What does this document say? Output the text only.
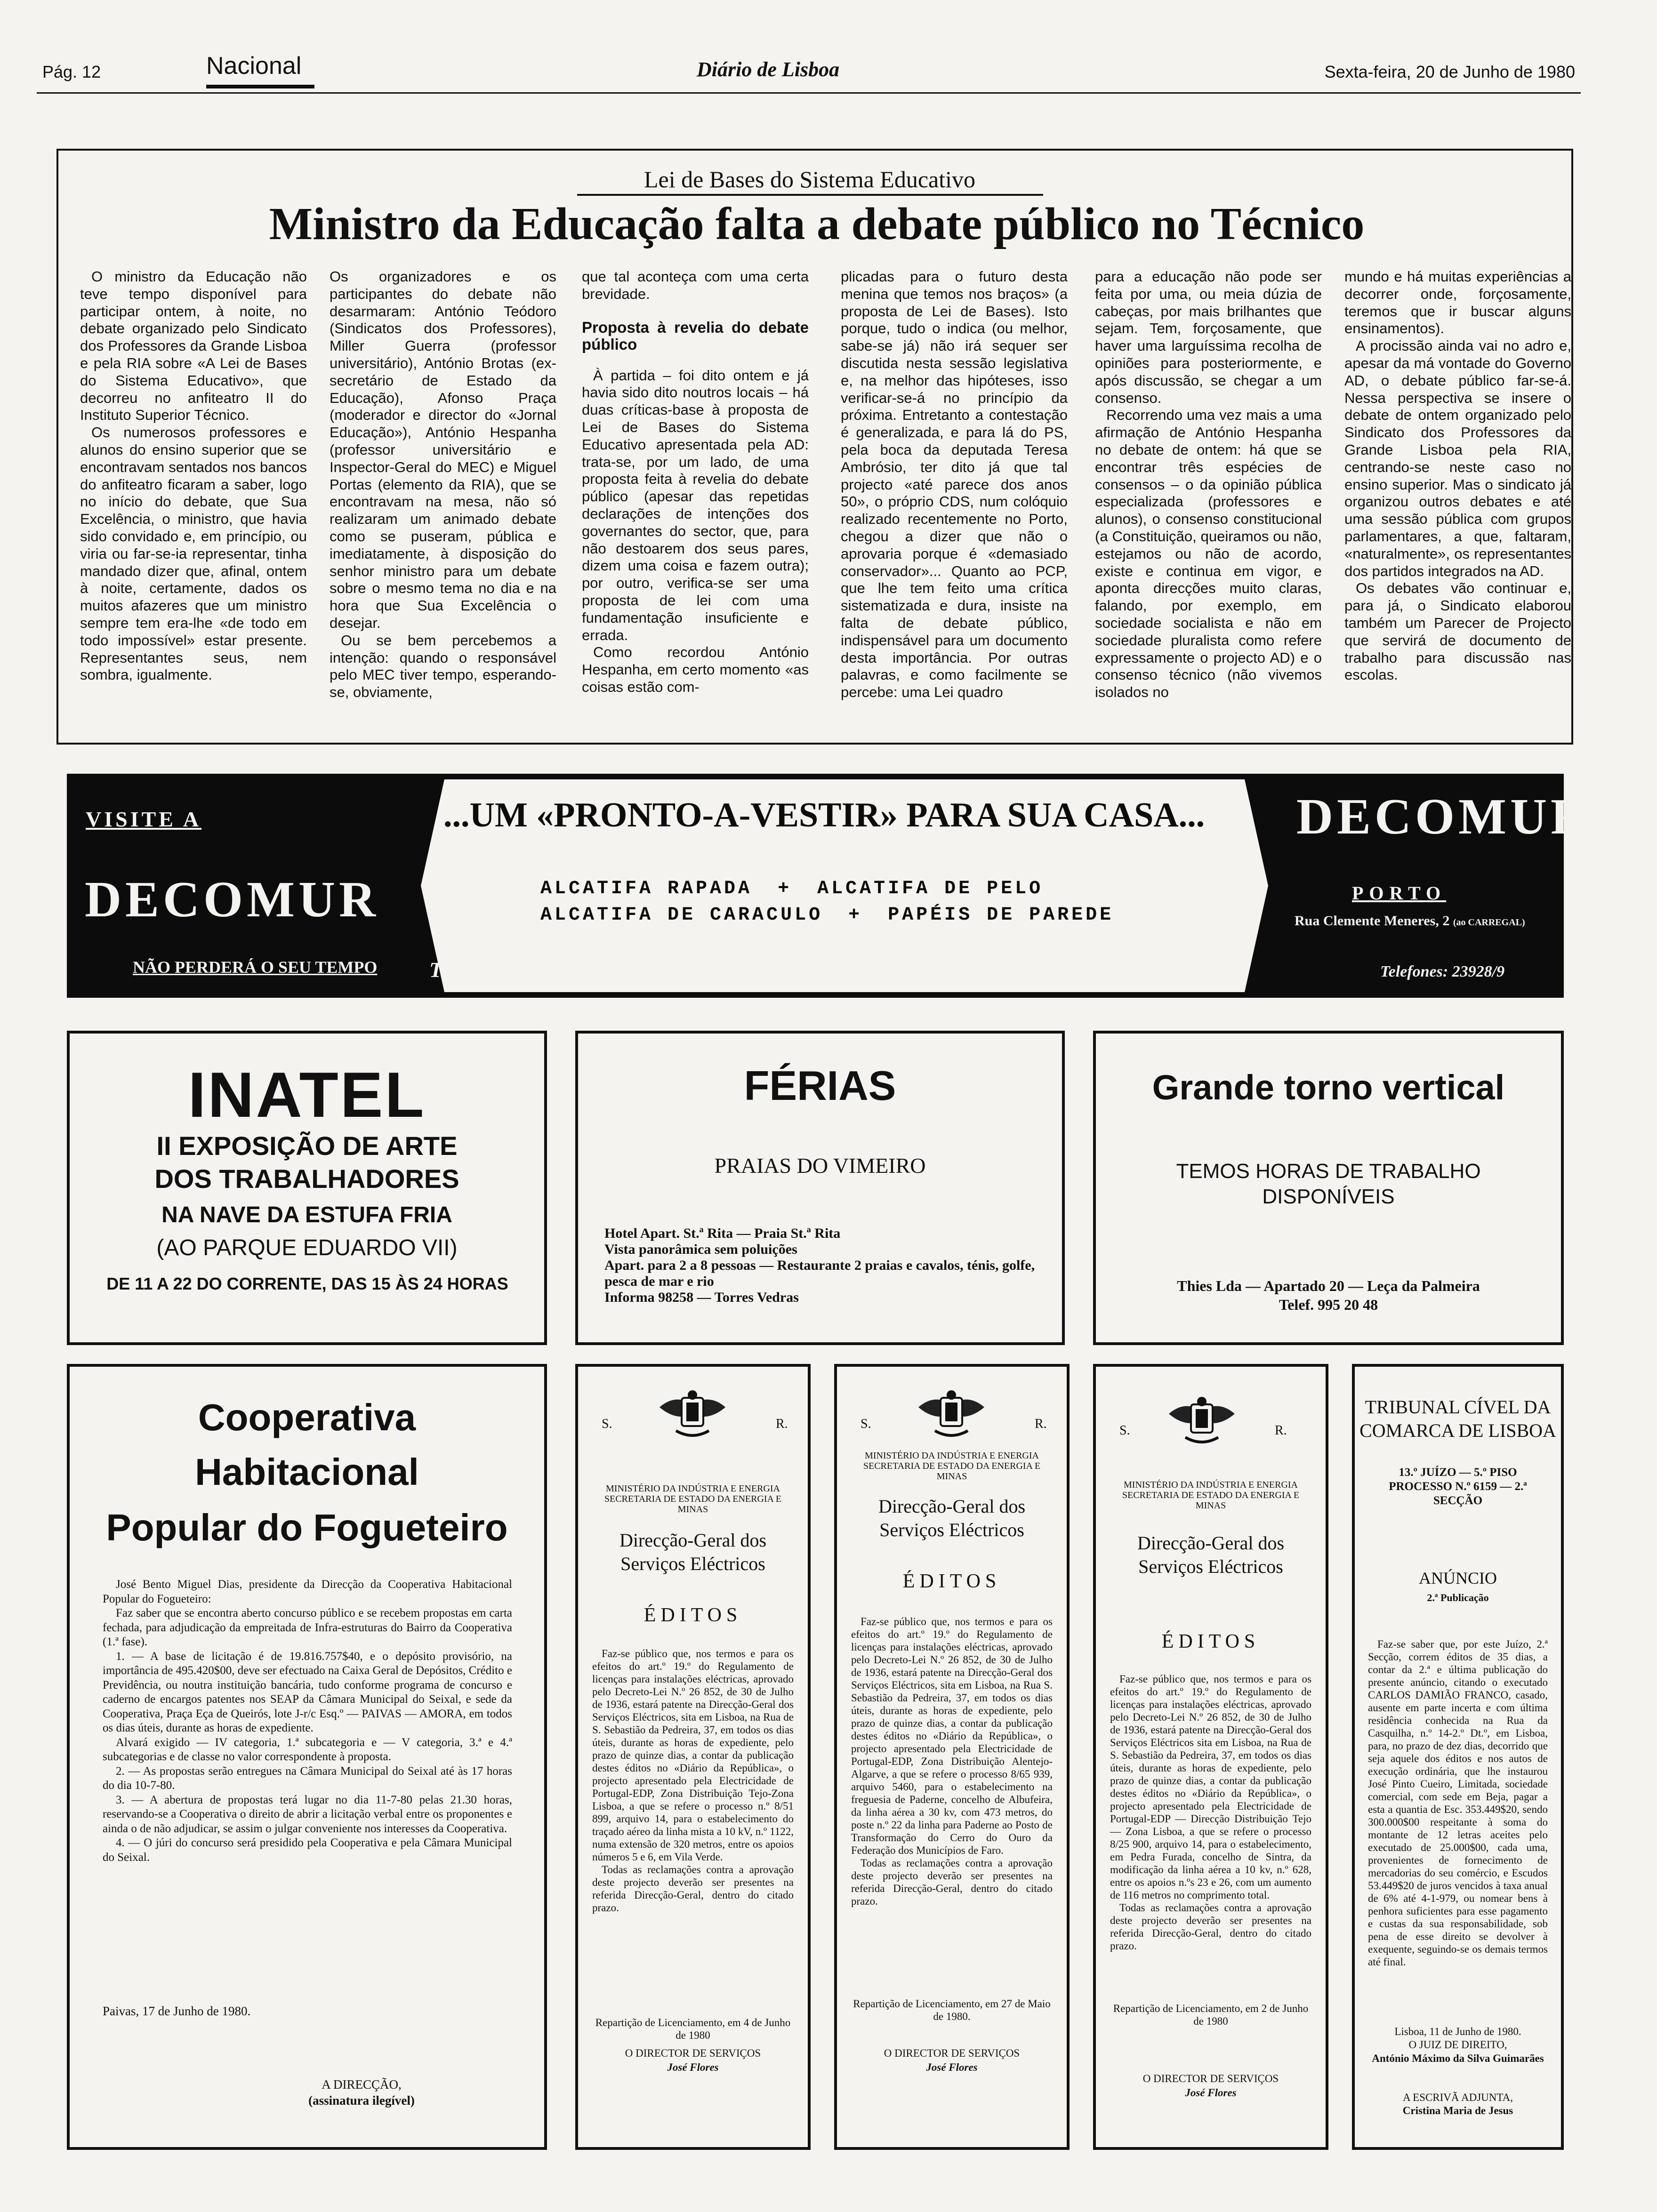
Pág. 12	Nacional	Diário de Lisboa	Sexta-feira, 20 de Junho de 1980
Lei de Bases do Sistema Educativo
Ministro da Educação falta a debate público no Técnico

O ministro da Educação não teve tempo disponível para participar ontem, à noite, no debate organizado pelo Sindicato dos Professores da Grande Lisboa e pela RIA sobre «A Lei de Bases do Sistema Educativo», que decorreu no anfiteatro II do Instituto Superior Técnico.

Os numerosos professores e alunos do ensino superior que se encontravam sentados nos bancos do anfiteatro ficaram a saber, logo no início do debate, que Sua Excelência, o ministro, que havia sido convidado e, em princípio, ou viria ou far-se-ia representar, tinha mandado dizer que, afinal, ontem à noite, certamente, dados os muitos afazeres que um ministro sempre tem era-lhe «de todo em todo impossível» estar presente. Representantes seus, nem sombra, igualmente.

Os organizadores e os participantes do debate não desarmaram: António Teódoro (Sindicatos dos Professores), Miller Guerra (professor universitário), António Brotas (ex-secretário de Estado da Educação), Afonso Praça (moderador e director do «Jornal Educação»), António Hespanha (professor universitário e Inspector-Geral do MEC) e Miguel Portas (elemento da RIA), que se encontravam na mesa, não só realizaram um animado debate como se puseram, pública e imediatamente, à disposição do senhor ministro para um debate sobre o mesmo tema no dia e na hora que Sua Excelência o desejar.

Ou se bem percebemos a intenção: quando o responsável pelo MEC tiver tempo, esperando-se, obviamente,

que tal aconteça com uma certa brevidade.

Proposta à revelia do debate público

À partida – foi dito ontem e já havia sido dito noutros locais – há duas críticas-base à proposta de Lei de Bases do Sistema Educativo apresentada pela AD: trata-se, por um lado, de uma proposta feita à revelia do debate público (apesar das repetidas declarações de intenções dos governantes do sector, que, para não destoarem dos seus pares, dizem uma coisa e fazem outra); por outro, verifica-se ser uma proposta de lei com uma fundamentação insuficiente e errada.

Como recordou António Hespanha, em certo momento «as coisas estão com-

plicadas para o futuro desta menina que temos nos braços» (a proposta de Lei de Bases). Isto porque, tudo o indica (ou melhor, sabe-se já) não irá sequer ser discutida nesta sessão legislativa e, na melhor das hipóteses, isso verificar-se-á no princípio da próxima. Entretanto a contestação é generalizada, e para lá do PS, pela boca da deputada Teresa Ambrósio, ter dito já que tal projecto «até parece dos anos 50», o próprio CDS, num colóquio realizado recentemente no Porto, chegou a dizer que não o aprovaria porque é «demasiado conservador»... Quanto ao PCP, que lhe tem feito uma crítica sistematizada e dura, insiste na falta de debate público, indispensável para um documento desta importância. Por outras palavras, e como facilmente se percebe: uma Lei quadro

para a educação não pode ser feita por uma, ou meia dúzia de cabeças, por mais brilhantes que sejam. Tem, forçosamente, que haver uma larguíssima recolha de opiniões para posteriormente, e após discussão, se chegar a um consenso.

Recorrendo uma vez mais a uma afirmação de António Hespanha no debate de ontem: há que se encontrar três espécies de consensos – o da opinião pública especializada (professores e alunos), o consenso constitucional (a Constituição, queiramos ou não, estejamos ou não de acordo, existe e continua em vigor, e aponta direcções muito claras, falando, por exemplo, em sociedade socialista e não em sociedade pluralista como refere expressamente o projecto AD) e o consenso técnico (não vivemos isolados no

mundo e há muitas experiências a decorrer onde, forçosamente, teremos que ir buscar alguns ensinamentos).

A procissão ainda vai no adro e, apesar da má vontade do Governo AD, o debate público far-se-á. Nessa perspectiva se insere o debate de ontem organizado pelo Sindicato dos Professores da Grande Lisboa pela RIA, centrando-se neste caso no ensino superior. Mas o sindicato já organizou outros debates e até uma sessão pública com grupos parlamentares, a que, faltaram, «naturalmente», os representantes dos partidos integrados na AD.

Os debates vão continuar e, para já, o Sindicato elaborou também um Parecer de Projecto que servirá de documento de trabalho para discussão nas escolas.

VISITE A
DECOMUR
NÃO PERDERÁ O SEU TEMPO
...UM «PRONTO-A-VESTIR» PARA SUA CASA...
ALCATIFA RAPADA + ALCATIFA DE PELO
ALCATIFA DE CARACULO + PAPÉIS DE PAREDE
TUDO AOS MELHORES PREÇOS DO MERCADO
DECOMUR
PORTO
Rua Clemente Meneres, 2 (ao CARREGAL)
Telefones: 23928/9
INATEL
II EXPOSIÇÃO DE ARTE
DOS TRABALHADORES
NA NAVE DA ESTUFA FRIA
(AO PARQUE EDUARDO VII)
DE 11 A 22 DO CORRENTE, DAS 15 ÀS 24 HORAS
FÉRIAS
PRAIAS DO VIMEIRO
Hotel Apart. St.ª Rita — Praia St.ª Rita
Vista panorâmica sem poluições
Apart. para 2 a 8 pessoas — Restaurante 2 praias e cavalos, ténis, golfe, pesca de mar e rio
Informa 98258 — Torres Vedras
Grande torno vertical
TEMOS HORAS DE TRABALHO
DISPONÍVEIS
Thies Lda — Apartado 20 — Leça da Palmeira
Telef. 995 20 48
Cooperativa
Habitacional
Popular do Fogueteiro

José Bento Miguel Dias, presidente da Direcção da Cooperativa Habitacional Popular do Fogueteiro:

Faz saber que se encontra aberto concurso público e se recebem propostas em carta fechada, para adjudicação da empreitada de Infra-estruturas do Bairro da Cooperativa (1.ª fase).

1. — A base de licitação é de 19.816.757$40, e o depósito provisório, na importância de 495.420$00, deve ser efectuado na Caixa Geral de Depósitos, Crédito e Previdência, ou noutra instituição bancária, tudo conforme programa de concurso e caderno de encargos patentes nos SEAP da Câmara Municipal do Seixal, e sede da Cooperativa, Praça Eça de Queirós, lote J-r/c Esq.º — PAIVAS — AMORA, em todos os dias úteis, durante as horas de expediente.

Alvará exigido — IV categoria, 1.ª subcategoria e — V categoria, 3.ª e 4.ª subcategorias e de classe no valor correspondente à proposta.

2. — As propostas serão entregues na Câmara Municipal do Seixal até às 17 horas do dia 10-7-80.

3. — A abertura de propostas terá lugar no dia 11-7-80 pelas 21.30 horas, reservando-se a Cooperativa o direito de abrir a licitação verbal entre os proponentes e ainda o de não adjudicar, se assim o julgar conveniente nos interesses da Cooperativa.

4. — O júri do concurso será presidido pela Cooperativa e pela Câmara Municipal do Seixal.

Paivas, 17 de Junho de 1980.
A DIRECÇÃO,
(assinatura ilegível)
S.	R.
MINISTÉRIO DA INDÚSTRIA E ENERGIA SECRETARIA DE ESTADO DA ENERGIA E MINAS
Direcção-Geral dos Serviços Eléctricos
ÉDITOS

Faz-se público que, nos termos e para os efeitos do art.º 19.º do Regulamento de licenças para instalações eléctricas, aprovado pelo Decreto-Lei N.º 26 852, de 30 de Julho de 1936, estará patente na Direcção-Geral dos Serviços Eléctricos, sita em Lisboa, na Rua de S. Sebastião da Pedreira, 37, em todos os dias úteis, durante as horas de expediente, pelo prazo de quinze dias, a contar da publicação destes éditos no «Diário da República», o projecto apresentado pela Electricidade de Portugal-EDP, Zona Distribuição Tejo-Zona Lisboa, a que se refere o processo n.º 8/51 899, arquivo 14, para o estabelecimento do traçado aéreo da linha mista a 10 kV, n.º 1122, numa extensão de 320 metros, entre os apoios números 5 e 6, em Vila Verde.

Todas as reclamações contra a aprovação deste projecto deverão ser presentes na referida Direcção-Geral, dentro do citado prazo.

Repartição de Licenciamento, em 4 de Junho de 1980
O DIRECTOR DE SERVIÇOS
José Flores
S.	R.
MINISTÉRIO DA INDÚSTRIA E ENERGIA SECRETARIA DE ESTADO DA ENERGIA E MINAS
Direcção-Geral dos Serviços Eléctricos
ÉDITOS

Faz-se público que, nos termos e para os efeitos do art.º 19.º do Regulamento de licenças para instalações eléctricas, aprovado pelo Decreto-Lei N.º 26 852, de 30 de Julho de 1936, estará patente na Direcção-Geral dos Serviços Eléctricos, sita em Lisboa, na Rua S. Sebastião da Pedreira, 37, em todos os dias úteis, durante as horas de expediente, pelo prazo de quinze dias, a contar da publicação destes éditos no «Diário da República», o projecto apresentado pela Electricidade de Portugal-EDP, Zona Distribuição Alentejo-Algarve, a que se refere o processo 8/65 939, arquivo 5460, para o estabelecimento na freguesia de Paderne, concelho de Albufeira, da linha aérea a 30 kv, com 473 metros, do poste n.º 22 da linha para Paderne ao Posto de Transformação do Cerro do Ouro da Federação dos Municípios de Faro.

Todas as reclamações contra a aprovação deste projecto deverão ser presentes na referida Direcção-Geral, dentro do citado prazo.

Repartição de Licenciamento, em 27 de Maio de 1980.
O DIRECTOR DE SERVIÇOS
José Flores
S.	R.
MINISTÉRIO DA INDÚSTRIA E ENERGIA SECRETARIA DE ESTADO DA ENERGIA E MINAS
Direcção-Geral dos Serviços Eléctricos
ÉDITOS

Faz-se público que, nos termos e para os efeitos do art.º 19.º do Regulamento de licenças para instalações eléctricas, aprovado pelo Decreto-Lei N.º 26 852, de 30 de Julho de 1936, estará patente na Direcção-Geral dos Serviços Eléctricos sita em Lisboa, na Rua de S. Sebastião da Pedreira, 37, em todos os dias úteis, durante as horas de expediente, pelo prazo de quinze dias, a contar da publicação destes éditos no «Diário da República», o projecto apresentado pela Electricidade de Portugal-EDP — Direcção Distribuição Tejo — Zona Lisboa, a que se refere o processo 8/25 900, arquivo 14, para o estabelecimento, em Pedra Furada, concelho de Sintra, da modificação da linha aérea a 10 kv, n.º 628, entre os apoios n.ºs 23 e 26, com um aumento de 116 metros no comprimento total.

Todas as reclamações contra a aprovação deste projecto deverão ser presentes na referida Direcção-Geral, dentro do citado prazo.

Repartição de Licenciamento, em 2 de Junho de 1980
O DIRECTOR DE SERVIÇOS
José Flores
TRIBUNAL CÍVEL DA
COMARCA DE LISBOA
13.º JUÍZO — 5.º PISO PROCESSO N.º 6159 — 2.ª SECÇÃO
ANÚNCIO
2.ª Publicação

Faz-se saber que, por este Juízo, 2.ª Secção, correm éditos de 35 dias, a contar da 2.ª e última publicação do presente anúncio, citando o executado CARLOS DAMIÃO FRANCO, casado, ausente em parte incerta e com última residência conhecida na Rua da Casquilha, n.º 14-2.º Dt.º, em Lisboa, para, no prazo de dez dias, decorrido que seja aquele dos éditos e nos autos de execução ordinária, que lhe instaurou José Pinto Cueiro, Limitada, sociedade comercial, com sede em Beja, pagar a esta a quantia de Esc. 353.449$20, sendo 300.000$00 respeitante à soma do montante de 12 letras aceites pelo executado de 25.000$00, cada uma, provenientes de fornecimento de mercadorias do seu comércio, e Escudos 53.449$20 de juros vencidos à taxa anual de 6% até 4-1-979, ou nomear bens à penhora suficientes para esse pagamento e custas da sua responsabilidade, sob pena de esse direito se devolver à exequente, seguindo-se os demais termos até final.

Lisboa, 11 de Junho de 1980.
O JUIZ DE DIREITO,
António Máximo da Silva Guimarães
A ESCRIVÃ ADJUNTA,
Cristina Maria de Jesus
